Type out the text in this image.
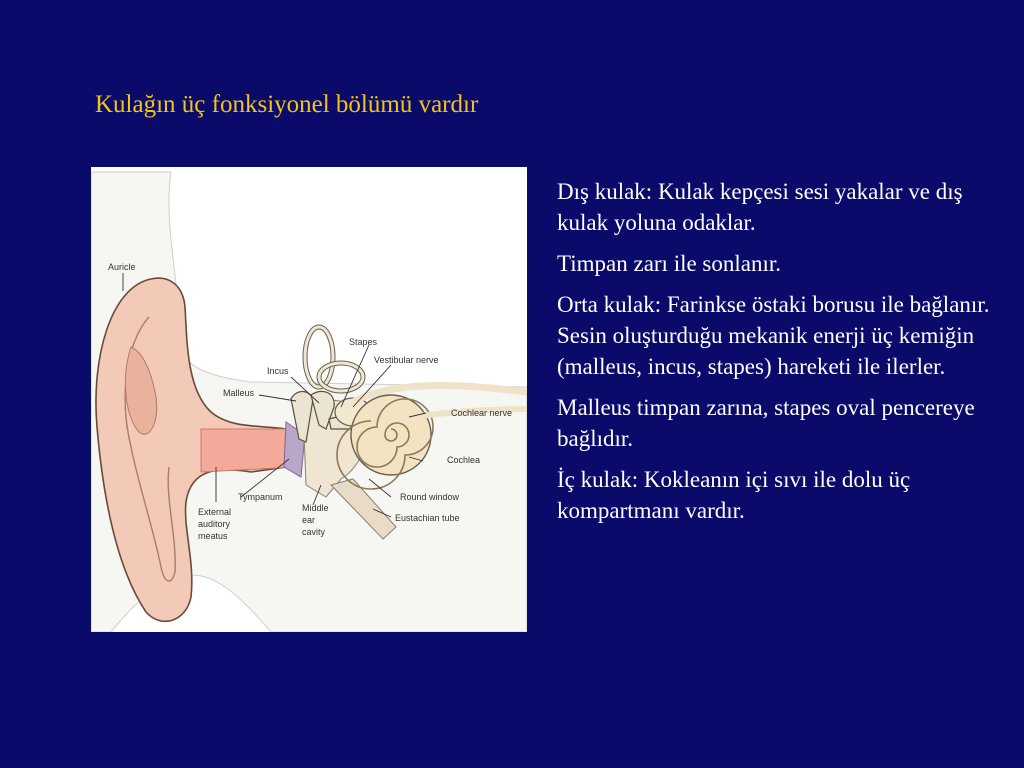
Kulağın üç fonksiyonel bölümü vardır
Auricle
Stapes
Vestibular nerve
Incus
Malleus
Cochlear nerve
Cochlea
Round window
Tympanum
Eustachian tube
External
auditory
meatus
Middle
ear
cavity

Dış kulak: Kulak kepçesi sesi yakalar ve dış kulak yoluna odaklar.

Timpan zarı ile sonlanır.

Orta kulak: Farinkse östaki borusu ile bağlanır. Sesin oluşturduğu mekanik enerji üç kemiğin (malleus, incus, stapes) hareketi ile ilerler.

Malleus timpan zarına, stapes oval pencereye bağlıdır.

İç kulak: Kokleanın içi sıvı ile dolu üç kompartmanı vardır.
